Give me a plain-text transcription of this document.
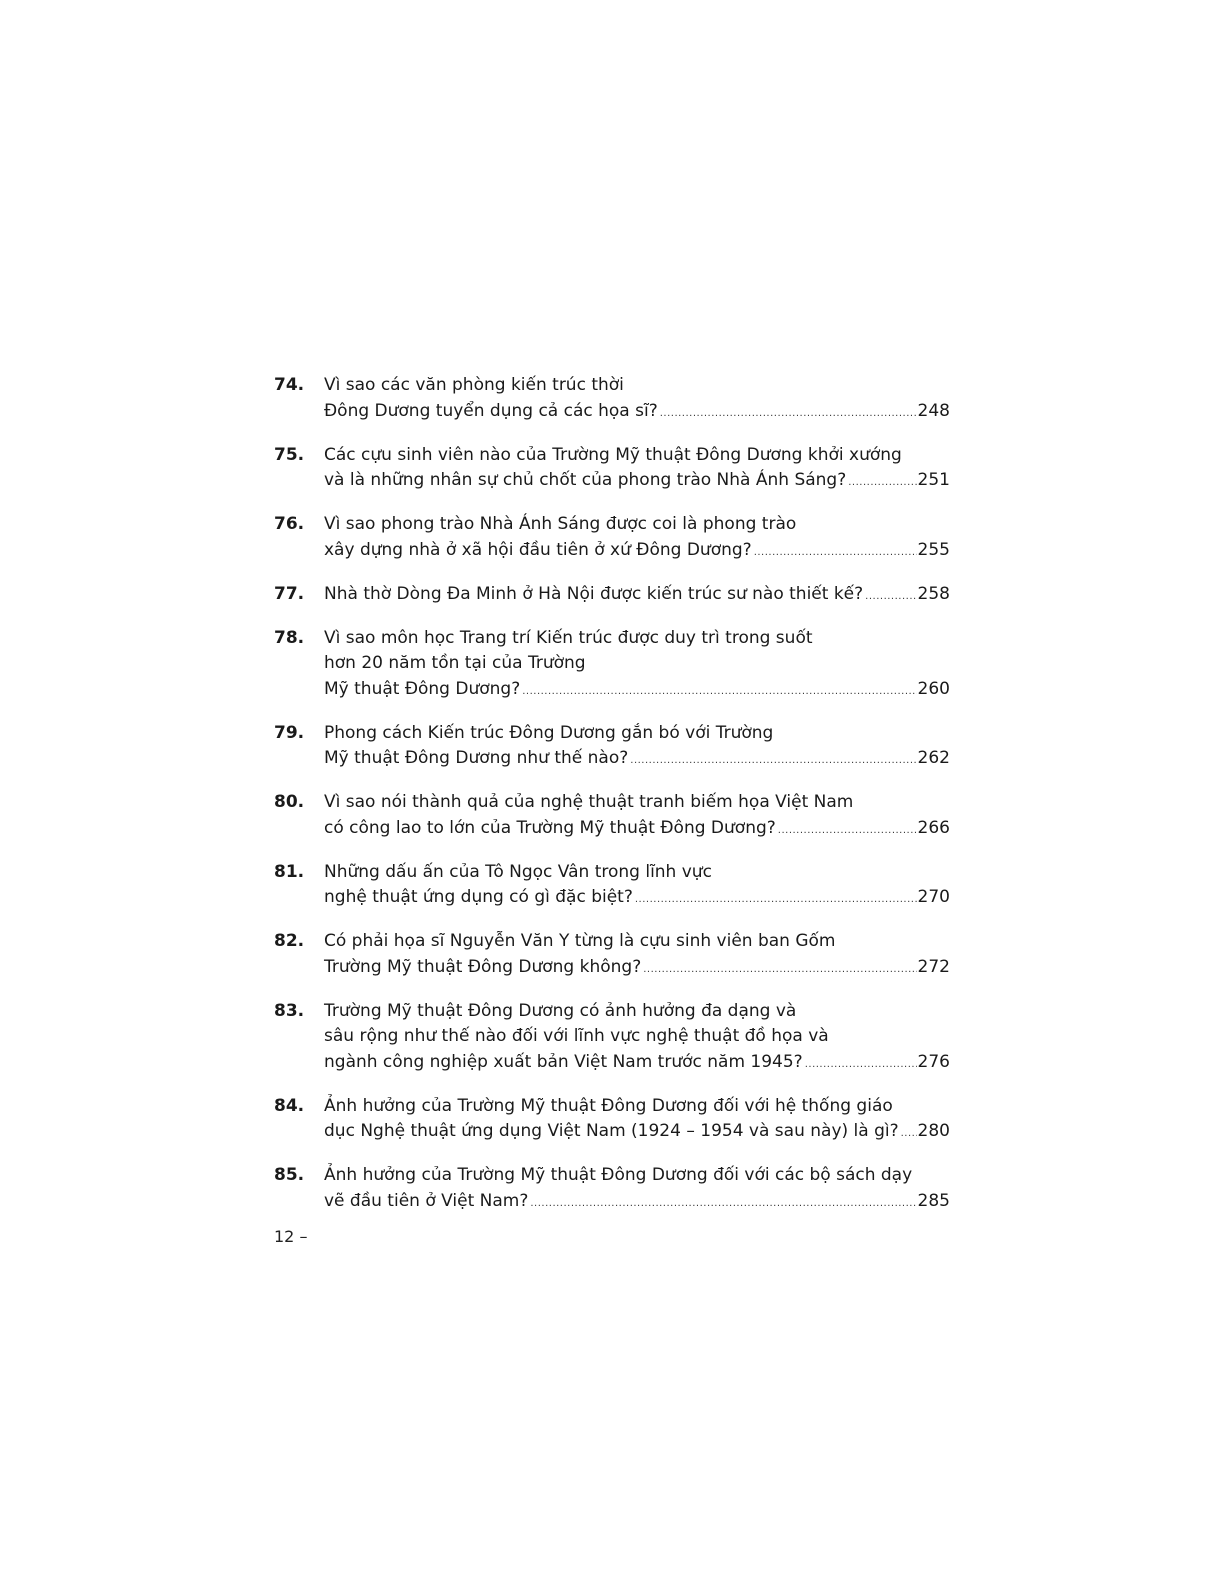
74.	Vì sao các văn phòng kiến trúc thời
Đông Dương tuyển dụng cả các họa sĩ? .....	248
75.	Các cựu sinh viên nào của Trường Mỹ thuật Đông Dương khởi xướng
và là những nhân sự chủ chốt của phong trào Nhà Ánh Sáng? .....	251
76.	Vì sao phong trào Nhà Ánh Sáng được coi là phong trào
xây dựng nhà ở xã hội đầu tiên ở xứ Đông Dương? .....	255
77.	Nhà thờ Dòng Đa Minh ở Hà Nội được kiến trúc sư nào thiết kế? .....	258
78.	Vì sao môn học Trang trí Kiến trúc được duy trì trong suốt
hơn 20 năm tồn tại của Trường
Mỹ thuật Đông Dương? .....	260
79.	Phong cách Kiến trúc Đông Dương gắn bó với Trường
Mỹ thuật Đông Dương như thế nào? .....	262
80.	Vì sao nói thành quả của nghệ thuật tranh biếm họa Việt Nam
có công lao to lớn của Trường Mỹ thuật Đông Dương? .....	266
81.	Những dấu ấn của Tô Ngọc Vân trong lĩnh vực
nghệ thuật ứng dụng có gì đặc biệt? .....	270
82.	Có phải họa sĩ Nguyễn Văn Y từng là cựu sinh viên ban Gốm
Trường Mỹ thuật Đông Dương không? .....	272
83.	Trường Mỹ thuật Đông Dương có ảnh hưởng đa dạng và
sâu rộng như thế nào đối với lĩnh vực nghệ thuật đồ họa và
ngành công nghiệp xuất bản Việt Nam trước năm 1945? .....	276
84.	Ảnh hưởng của Trường Mỹ thuật Đông Dương đối với hệ thống giáo
dục Nghệ thuật ứng dụng Việt Nam (1924 – 1954 và sau này) là gì? ..... 280
85.	Ảnh hưởng của Trường Mỹ thuật Đông Dương đối với các bộ sách dạy
vẽ đầu tiên ở Việt Nam? .....	285
12 –
